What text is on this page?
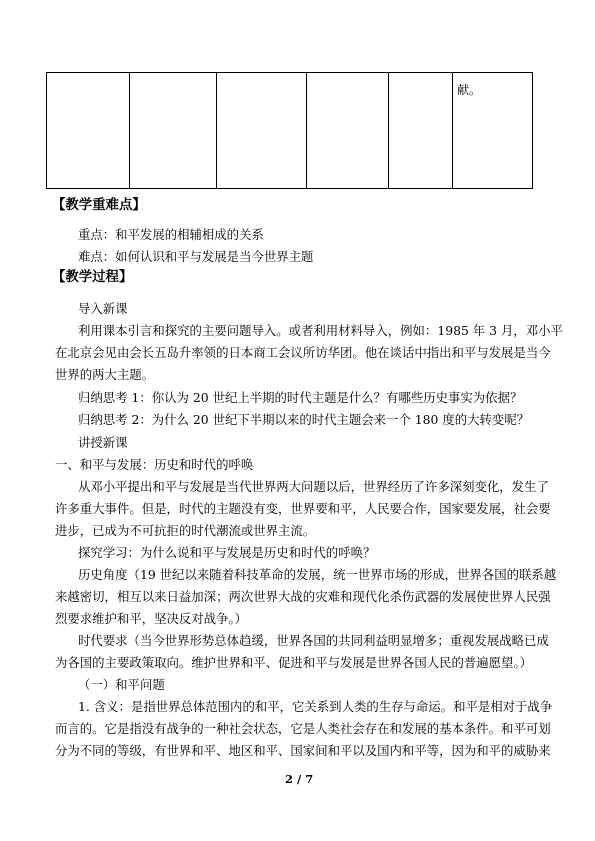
					献。
【教学重难点】
重点：和平发展的相辅相成的关系
难点：如何认识和平与发展是当今世界主题
【教学过程】
导入新课
利用课本引言和探究的主要问题导入。或者利用材料导入，例如：1985 年 3 月，邓小平
在北京会见由会长五岛升率领的日本商工会议所访华团。他在谈话中指出和平与发展是当今
世界的两大主题。
归纳思考 1：你认为 20 世纪上半期的时代主题是什么？有哪些历史事实为依据？
归纳思考 2：为什么 20 世纪下半期以来的时代主题会来一个 180 度的大转变呢？
讲授新课
一、和平与发展：历史和时代的呼唤
从邓小平提出和平与发展是当代世界两大问题以后，世界经历了许多深刻变化，发生了
许多重大事件。但是，时代的主题没有变，世界要和平，人民要合作，国家要发展，社会要
进步，已成为不可抗拒的时代潮流或世界主流。
探究学习：为什么说和平与发展是历史和时代的呼唤？
历史角度（19 世纪以来随着科技革命的发展，统一世界市场的形成，世界各国的联系越
来越密切，相互以来日益加深；两次世界大战的灾难和现代化杀伤武器的发展使世界人民强
烈要求维护和平，坚决反对战争。）
时代要求（当今世界形势总体趋缓，世界各国的共同利益明显增多；重视发展战略已成
为各国的主要政策取向。维护世界和平、促进和平与发展是世界各国人民的普遍愿望。）
（一）和平问题
1. 含义：是指世界总体范围内的和平，它关系到人类的生存与命运。和平是相对于战争
而言的。它是指没有战争的一种社会状态，它是人类社会存在和发展的基本条件。和平可划
分为不同的等级，有世界和平、地区和平、国家间和平以及国内和平等，因为和平的威胁来
2 / 7
